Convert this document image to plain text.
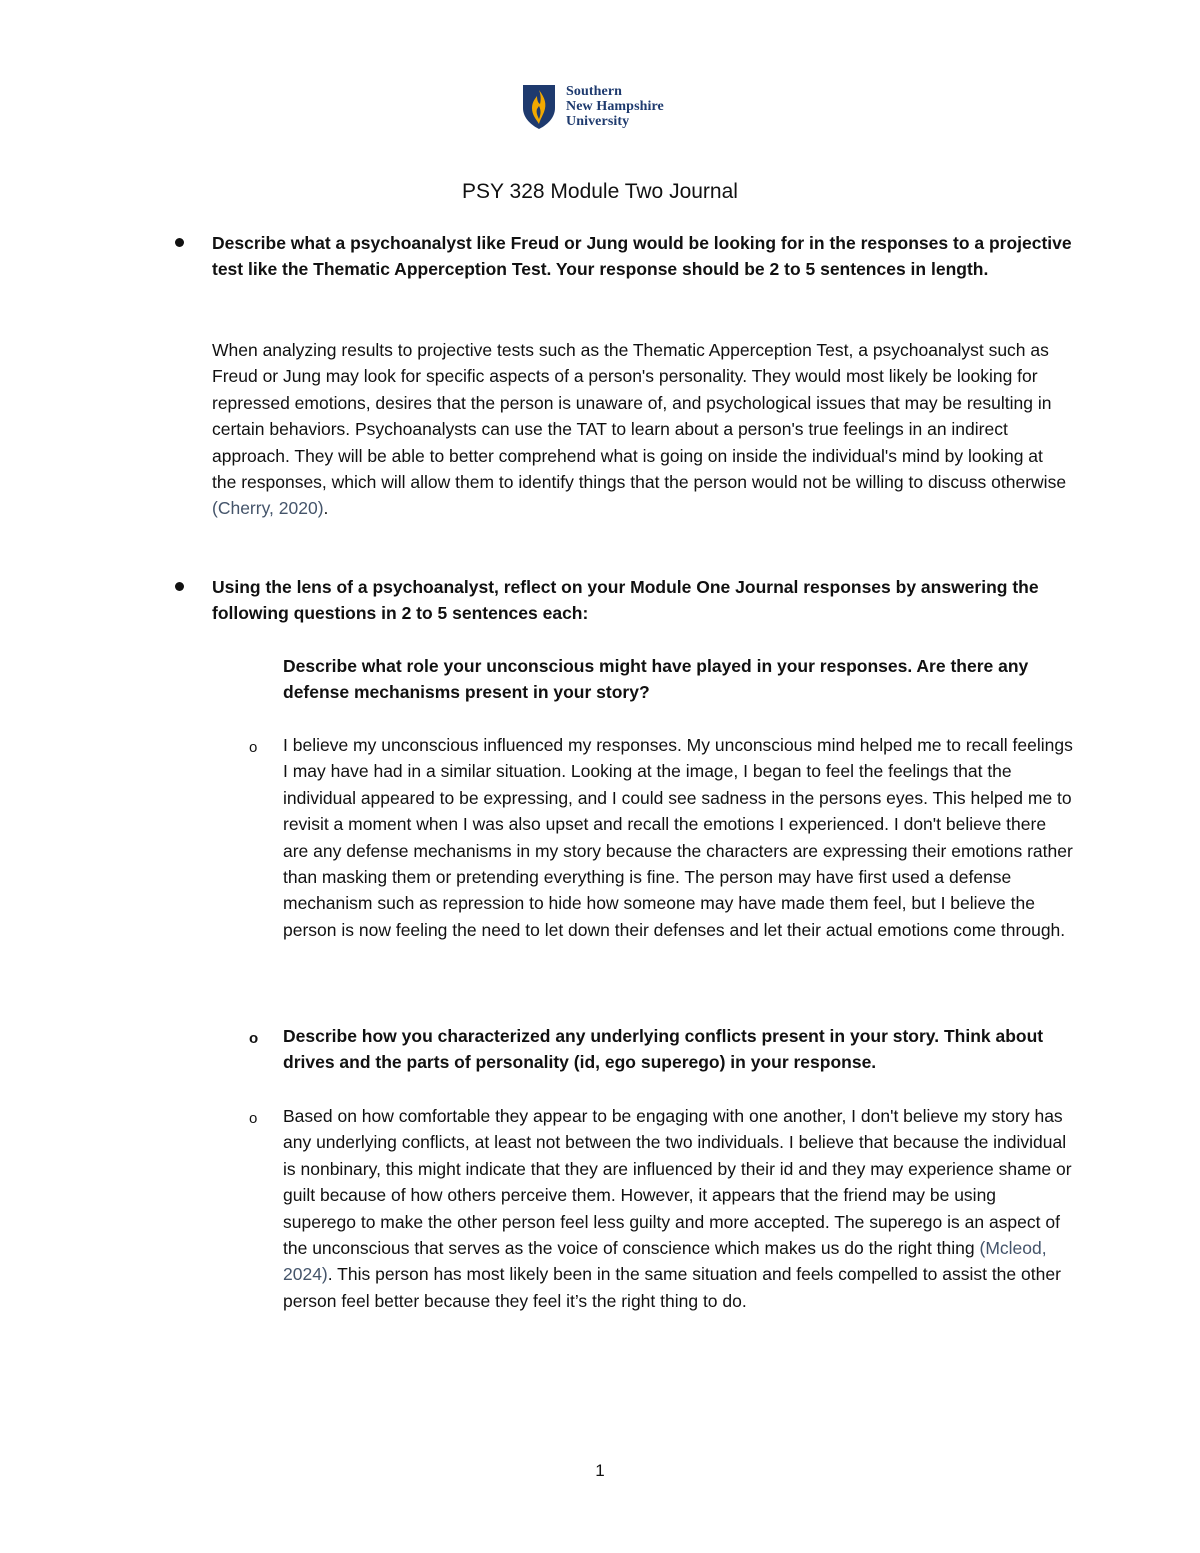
Southern
New Hampshire
University
PSY 328 Module Two Journal

Describe what a psychoanalyst like Freud or Jung would be looking for in the responses to a projective test like the Thematic Apperception Test. Your response should be 2 to 5 sentences in length.

When analyzing results to projective tests such as the Thematic Apperception Test, a psychoanalyst such as Freud or Jung may look for specific aspects of a person's personality. They would most likely be looking for repressed emotions, desires that the person is unaware of, and psychological issues that may be resulting in certain behaviors. Psychoanalysts can use the TAT to learn about a person's true feelings in an indirect approach. They will be able to better comprehend what is going on inside the individual's mind by looking at the responses, which will allow them to identify things that the person would not be willing to discuss otherwise (Cherry, 2020).

Using the lens of a psychoanalyst, reflect on your Module One Journal responses by answering the following questions in 2 to 5 sentences each:

Describe what role your unconscious might have played in your responses. Are there any defense mechanisms present in your story?

o I believe my unconscious influenced my responses. My unconscious mind helped me to recall feelings I may have had in a similar situation. Looking at the image, I began to feel the feelings that the individual appeared to be expressing, and I could see sadness in the persons eyes. This helped me to revisit a moment when I was also upset and recall the emotions I experienced. I don't believe there are any defense mechanisms in my story because the characters are expressing their emotions rather than masking them or pretending everything is fine. The person may have first used a defense mechanism such as repression to hide how someone may have made them feel, but I believe the person is now feeling the need to let down their defenses and let their actual emotions come through.

o Describe how you characterized any underlying conflicts present in your story. Think about drives and the parts of personality (id, ego superego) in your response.

o Based on how comfortable they appear to be engaging with one another, I don't believe my story has any underlying conflicts, at least not between the two individuals. I believe that because the individual is nonbinary, this might indicate that they are influenced by their id and they may experience shame or guilt because of how others perceive them. However, it appears that the friend may be using superego to make the other person feel less guilty and more accepted. The superego is an aspect of the unconscious that serves as the voice of conscience which makes us do the right thing (Mcleod, 2024). This person has most likely been in the same situation and feels compelled to assist the other person feel better because they feel it’s the right thing to do.

1
